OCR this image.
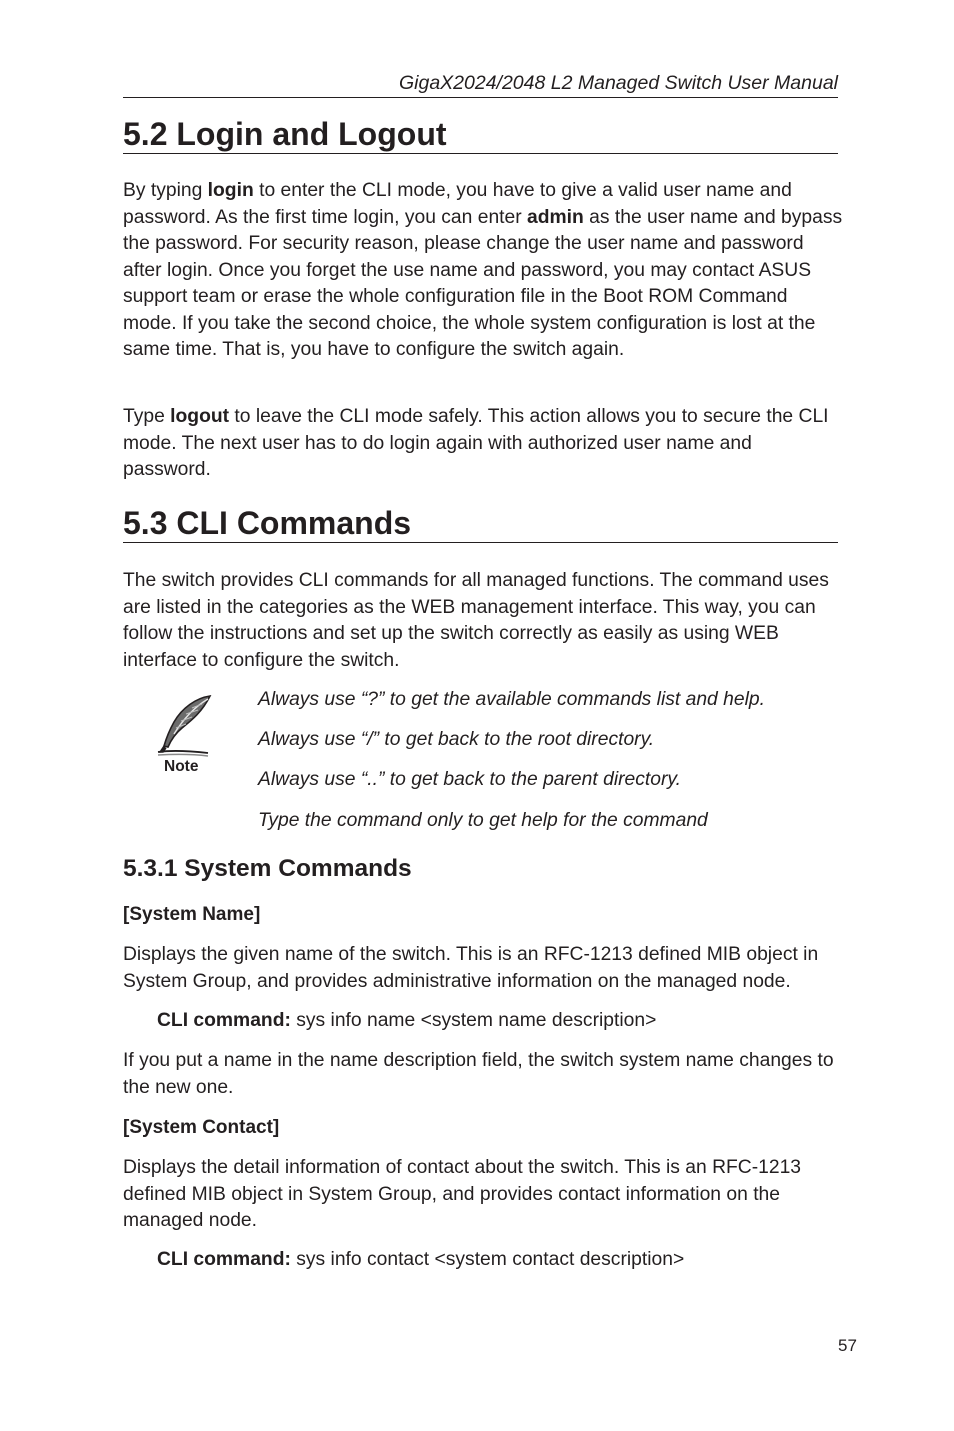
GigaX2024/2048 L2 Managed Switch User Manual
5.2 Login and Logout

By typing login to enter the CLI mode, you have to give a valid user name and password. As the first time login, you can enter admin as the user name and bypass the password. For security reason, please change the user name and password after login. Once you forget the use name and password, you may contact ASUS support team or erase the whole configuration file in the Boot ROM Command mode. If you take the second choice, the whole system configuration is lost at the same time. That is, you have to configure the switch again.

Type logout to leave the CLI mode safely. This action allows you to secure the CLI mode. The next user has to do login again with authorized user name and password.

5.3 CLI Commands

The switch provides CLI commands for all managed functions. The command uses are listed in the categories as the WEB management interface. This way, you can follow the instructions and set up the switch correctly as easily as using WEB interface to configure the switch.

Note
Always use “?” to get the available commands list and help.
Always use “/” to get back to the root directory.
Always use “..” to get back to the parent directory.
Type the command only to get help for the command
5.3.1 System Commands
[System Name]

Displays the given name of the switch. This is an RFC-1213 defined MIB object in System Group, and provides administrative information on the managed node.

CLI command: sys info name <system name description>

If you put a name in the name description field, the switch system name changes to the new one.

[System Contact]

Displays the detail information of contact about the switch. This is an RFC-1213 defined MIB object in System Group, and provides contact information on the managed node.

CLI command: sys info contact <system contact description>
57
